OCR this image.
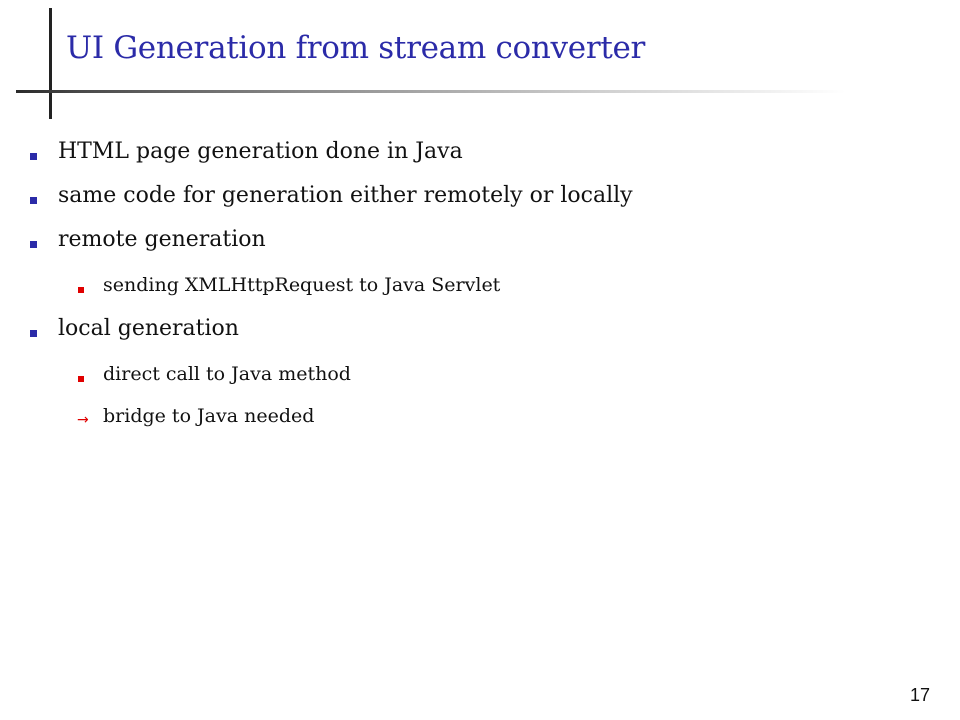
UI Generation from stream converter
HTML page generation done in Java
same code for generation either remotely or locally
remote generation
sending XMLHttpRequest to Java Servlet
local generation
direct call to Java method
→ bridge to Java needed
17
